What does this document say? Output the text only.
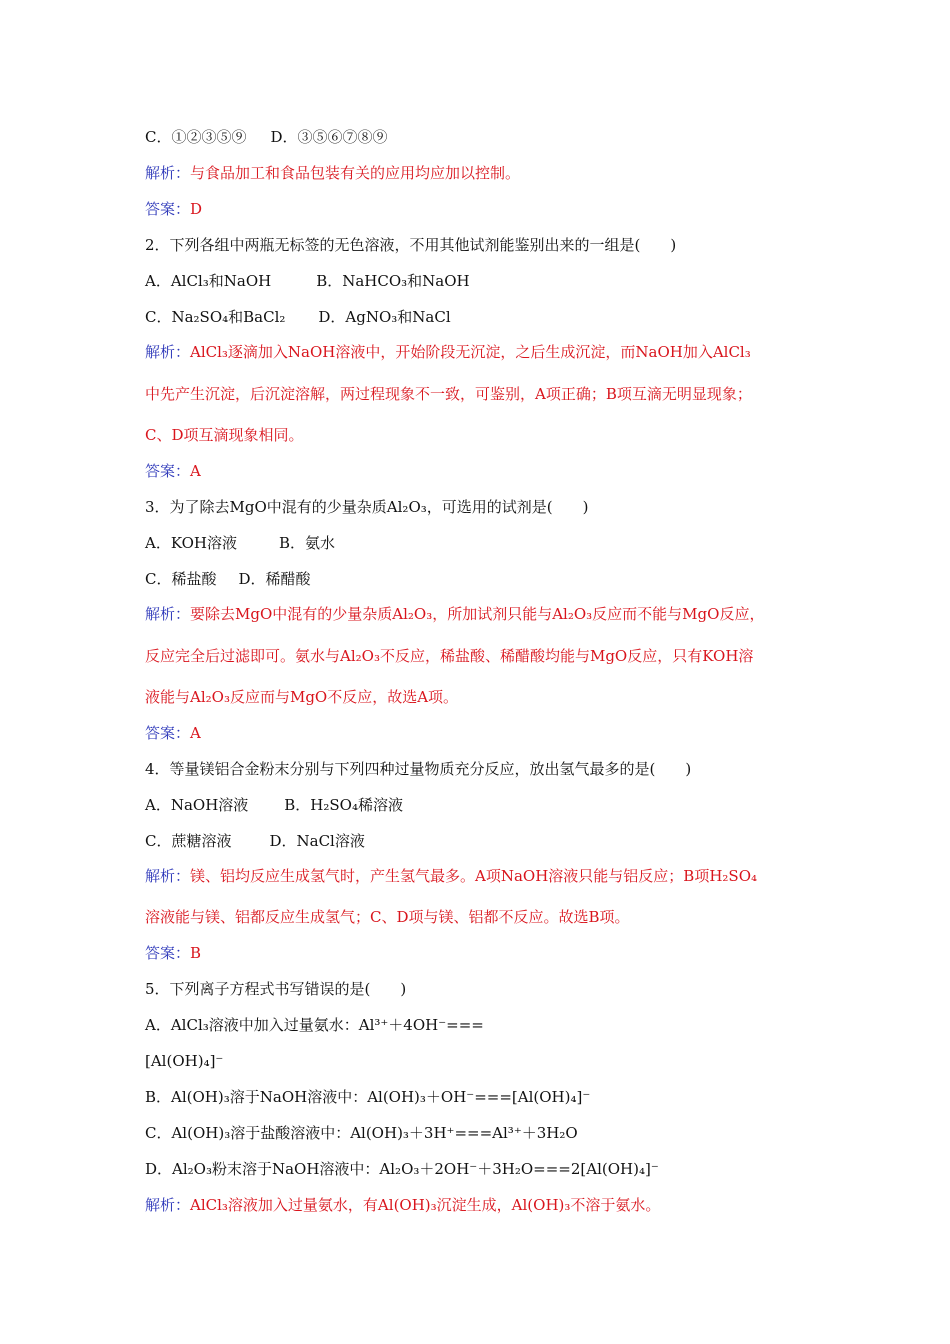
C．①②③⑤⑨ D．③⑤⑥⑦⑧⑨
解析：与食品加工和食品包装有关的应用均应加以控制。
答案：D
2．下列各组中两瓶无标签的无色溶液，不用其他试剂能鉴别出来的一组是(　　)
A．AlCl₃和NaOH	B．NaHCO₃和NaOH
C．Na₂SO₄和BaCl₂ D．AgNO₃和NaCl
解析：AlCl₃逐滴加入NaOH溶液中，开始阶段无沉淀，之后生成沉淀，而NaOH加入AlCl₃
中先产生沉淀，后沉淀溶解，两过程现象不一致，可鉴别，A项正确；B项互滴无明显现象；
C、D项互滴现象相同。
答案：A
3．为了除去MgO中混有的少量杂质Al₂O₃，可选用的试剂是(　　)
A．KOH溶液	B．氨水
C．稀盐酸 D．稀醋酸
解析：要除去MgO中混有的少量杂质Al₂O₃，所加试剂只能与Al₂O₃反应而不能与MgO反应，
反应完全后过滤即可。氨水与Al₂O₃不反应，稀盐酸、稀醋酸均能与MgO反应，只有KOH溶
液能与Al₂O₃反应而与MgO不反应，故选A项。
答案：A
4．等量镁铝合金粉末分别与下列四种过量物质充分反应，放出氢气最多的是(　　)
A．NaOH溶液 B．H₂SO₄稀溶液
C．蔗糖溶液	D．NaCl溶液
解析：镁、铝均反应生成氢气时，产生氢气最多。A项NaOH溶液只能与铝反应；B项H₂SO₄
溶液能与镁、铝都反应生成氢气；C、D项与镁、铝都不反应。故选B项。
答案：B
5．下列离子方程式书写错误的是(　　)
A．AlCl₃溶液中加入过量氨水：Al³⁺＋4OH⁻===
[Al(OH)₄]⁻
B．Al(OH)₃溶于NaOH溶液中：Al(OH)₃＋OH⁻===[Al(OH)₄]⁻
C．Al(OH)₃溶于盐酸溶液中：Al(OH)₃＋3H⁺===Al³⁺＋3H₂O
D．Al₂O₃粉末溶于NaOH溶液中：Al₂O₃＋2OH⁻＋3H₂O===2[Al(OH)₄]⁻
解析：AlCl₃溶液加入过量氨水，有Al(OH)₃沉淀生成，Al(OH)₃不溶于氨水。
